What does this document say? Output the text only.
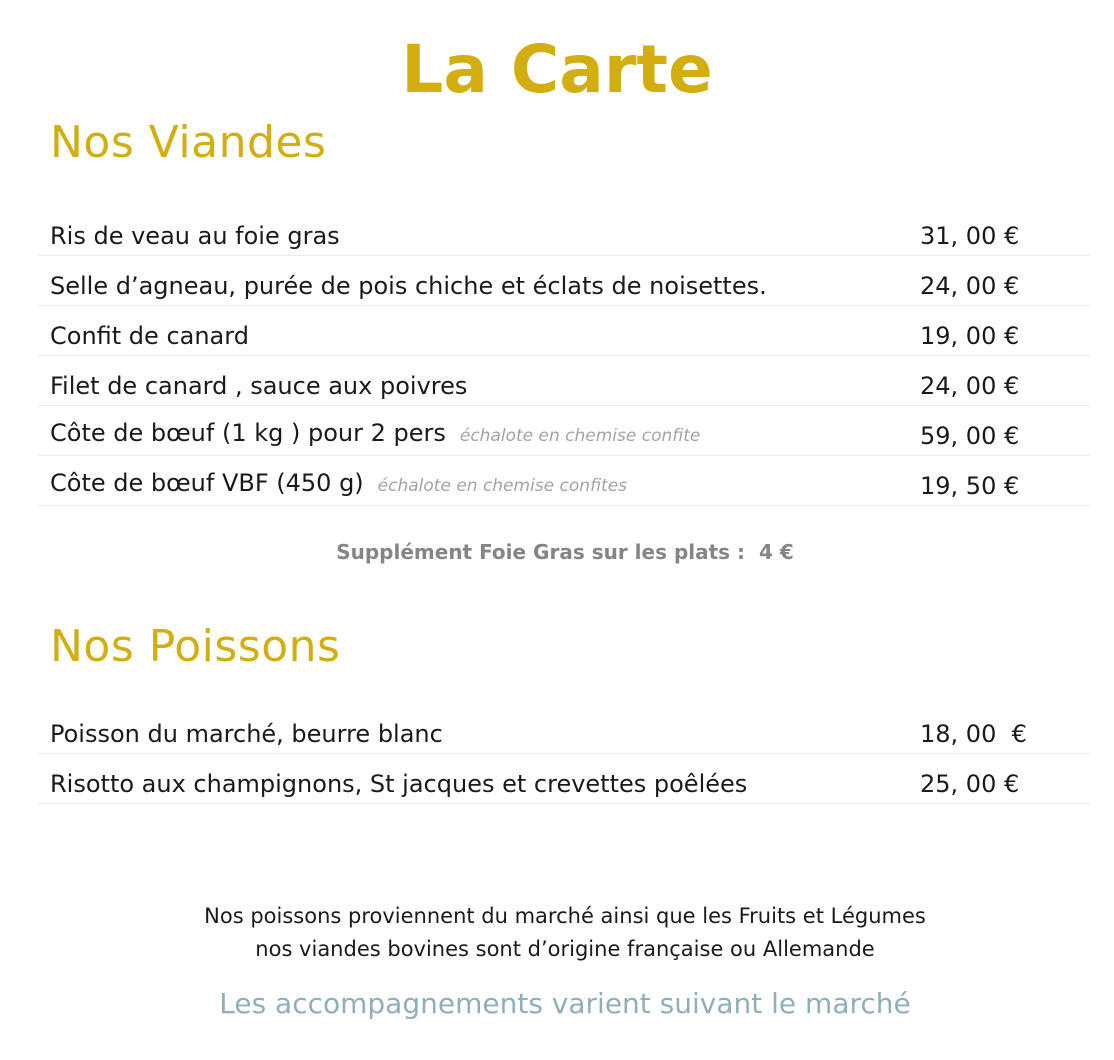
La Carte
Nos Viandes
Ris de veau au foie gras	31, 00 €
Selle d’agneau, purée de pois chiche et éclats de noisettes.	24, 00 €
Confit de canard	19, 00 €
Filet de canard , sauce aux poivres	24, 00 €
Côte de bœuf (1 kg ) pour 2 pers échalote en chemise confite	59, 00 €
Côte de bœuf VBF (450 g) échalote en chemise confites	19, 50 €
Supplément Foie Gras sur les plats :  4 €
Nos Poissons
Poisson du marché, beurre blanc	18, 00  €
Risotto aux champignons, St jacques et crevettes poêlées	25, 00 €

Nos poissons proviennent du marché ainsi que les Fruits et Légumes

nos viandes bovines sont d’origine française ou Allemande

Les accompagnements varient suivant le marché
